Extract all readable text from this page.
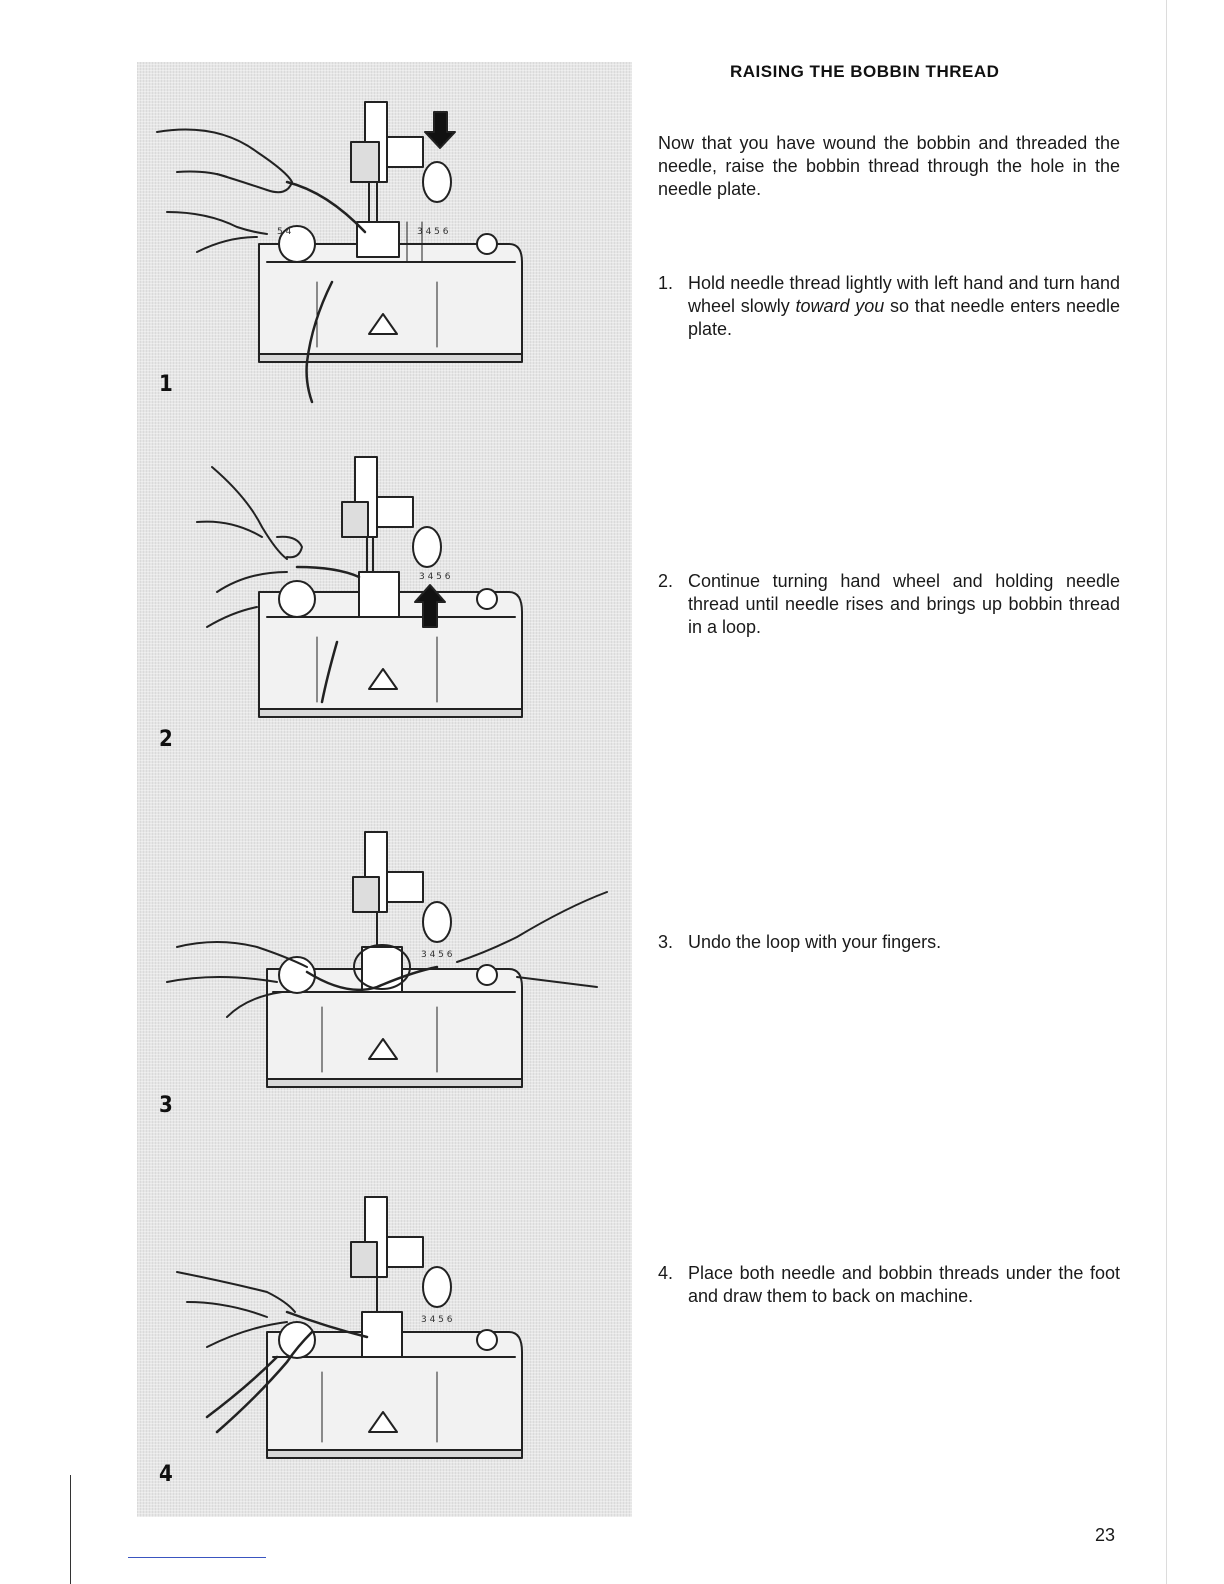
5 4	3 4 5 6
1
3 4 5 6
2
3 4 5 6
3
3 4 5 6
4
RAISING THE BOBBIN THREAD

Now that you have wound the bobbin and threaded the needle, raise the bobbin thread through the hole in the needle plate.

1. Hold needle thread lightly with left hand and turn hand wheel slowly toward you so that needle enters needle plate.
2. Continue turning hand wheel and holding needle thread until needle rises and brings up bobbin thread in a loop.
3. Undo the loop with your fingers.
4. Place both needle and bobbin threads under the foot and draw them to back on machine.
23
